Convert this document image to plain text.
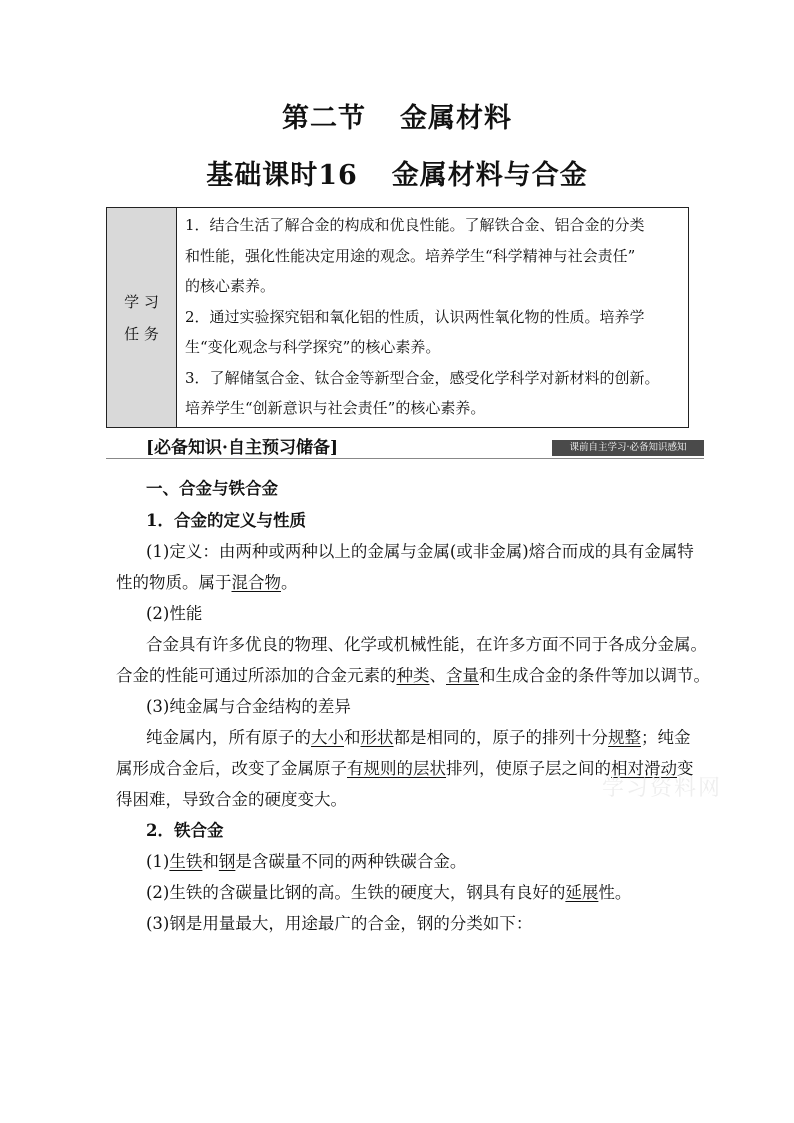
第二节 金属材料
基础课时16 金属材料与合金
学 习
任 务

1．结合生活了解合金的构成和优良性能。了解铁合金、铝合金的分类

和性能，强化性能决定用途的观念。培养学生“科学精神与社会责任”

的核心素养。

2．通过实验探究铝和氧化铝的性质，认识两性氧化物的性质。培养学

生“变化观念与科学探究”的核心素养。

3．了解储氢合金、钛合金等新型合金，感受化学科学对新材料的创新。

培养学生“创新意识与社会责任”的核心素养。

[必备知识·自主预习储备]	课前自主学习·必备知识感知
一、合金与铁合金
1．合金的定义与性质
(1)定义：由两种或两种以上的金属与金属(或非金属)熔合而成的具有金属特
性的物质。属于混合物。
(2)性能
合金具有许多优良的物理、化学或机械性能，在许多方面不同于各成分金属。
合金的性能可通过所添加的合金元素的种类、含量和生成合金的条件等加以调节。
(3)纯金属与合金结构的差异
纯金属内，所有原子的大小和形状都是相同的，原子的排列十分规整；纯金
属形成合金后，改变了金属原子有规则的层状排列，使原子层之间的相对滑动变
得困难，导致合金的硬度变大。
2．铁合金
(1)生铁和钢是含碳量不同的两种铁碳合金。
(2)生铁的含碳量比钢的高。生铁的硬度大，钢具有良好的延展性。
(3)钢是用量最大，用途最广的合金，钢的分类如下：
学习资料网
